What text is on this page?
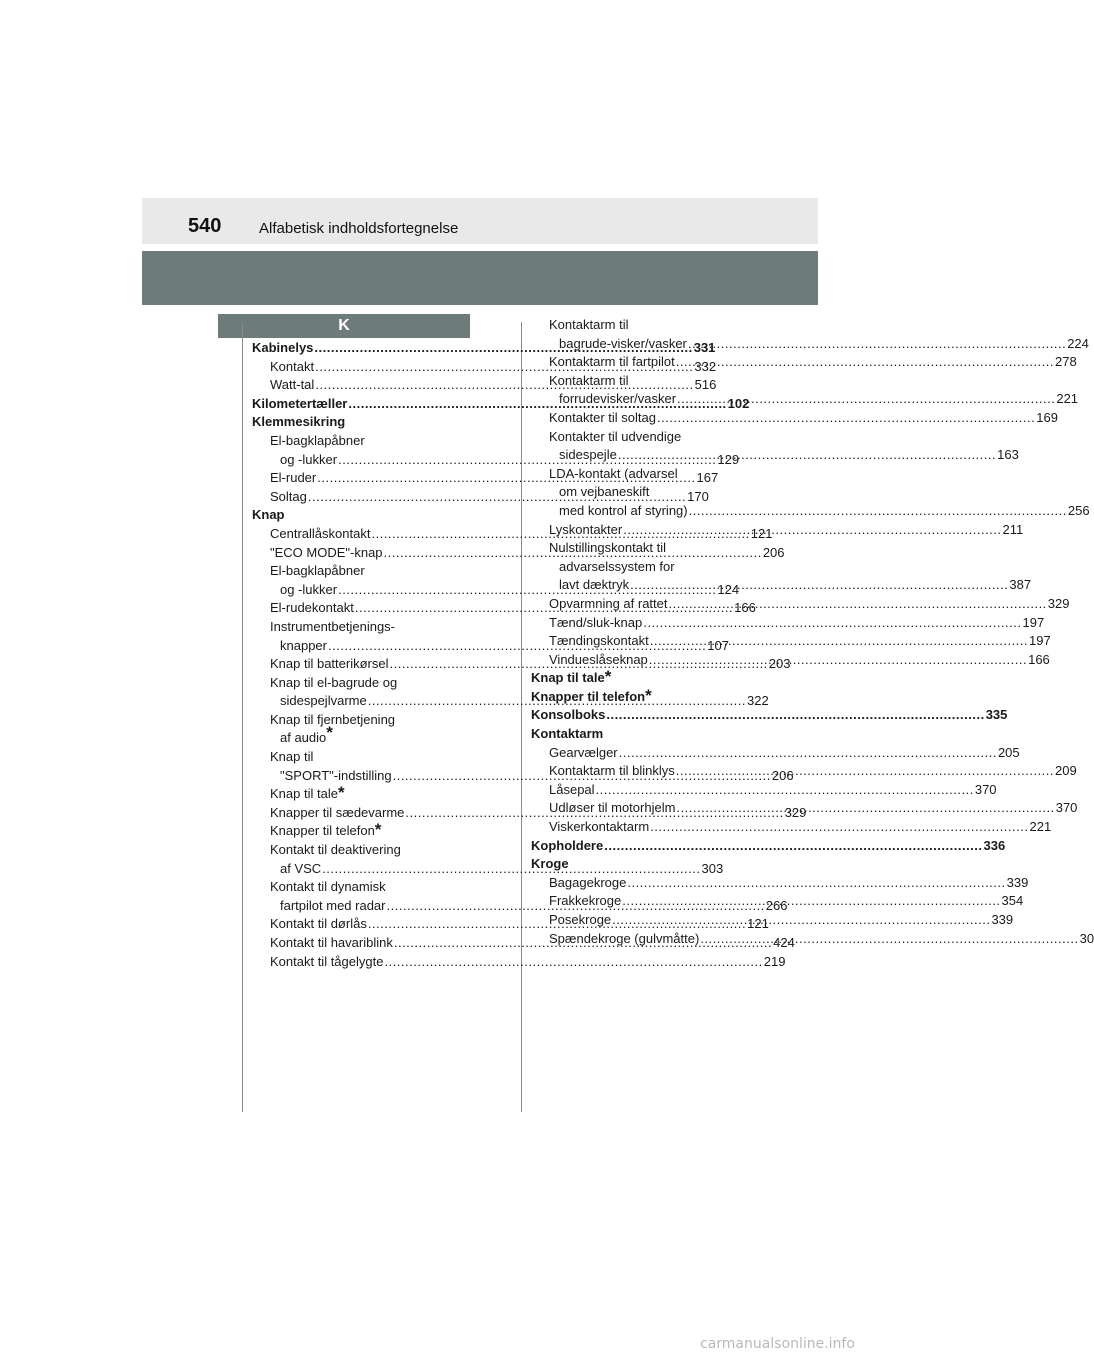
540	Alfabetisk indholdsfortegnelse
K
Kabinelys .....	331
Kontakt .....	332
Watt-tal .....	516
Kilometertæller .....	102
Klemmesikring
El-bagklapåbner
og -lukker .....	129
El-ruder .....	167
Soltag .....	170
Knap
Centrallåskontakt .....	121
"ECO MODE"-knap .....	206
El-bagklapåbner
og -lukker .....	124
El-rudekontakt .....	166
Instrumentbetjenings-
knapper .....	107
Knap til batterikørsel .....	203
Knap til el-bagrude og
sidespejlvarme .....	322
Knap til fjernbetjening
af audio*
Knap til
"SPORT"-indstilling .....	206
Knap til tale *
Knapper til sædevarme .....	329
Knapper til telefon *
Kontakt til deaktivering
af VSC .....	303
Kontakt til dynamisk
fartpilot med radar .....	266
Kontakt til dørlås .....	121
Kontakt til havariblink .....	424
Kontakt til tågelygte .....	219
Kontaktarm til
bagrude-visker/vasker .....	224
Kontaktarm til fartpilot .....	278
Kontaktarm til
forrudevisker/vasker .....	221
Kontakter til soltag .....	169
Kontakter til udvendige
sidespejle .....	163
LDA-kontakt (advarsel
om vejbaneskift
med kontrol af styring) .....	256
Lyskontakter .....	211
Nulstillingskontakt til
advarselssystem for
lavt dæktryk .....	387
Opvarmning af rattet .....	329
Tænd/sluk-knap .....	197
Tændingskontakt .....	197
Vindueslåseknap .....	166
Knap til tale *
Knapper til telefon *
Konsolboks .....	335
Kontaktarm
Gearvælger .....	205
Kontaktarm til blinklys .....	209
Låsepal .....	370
Udløser til motorhjelm .....	370
Viskerkontaktarm .....	221
Kopholdere .....	336
Kroge
Bagagekroge .....	339
Frakkekroge .....	354
Posekroge .....	339
Spændekroge (gulvmåtte) .....	30
carmanualsonline.info
